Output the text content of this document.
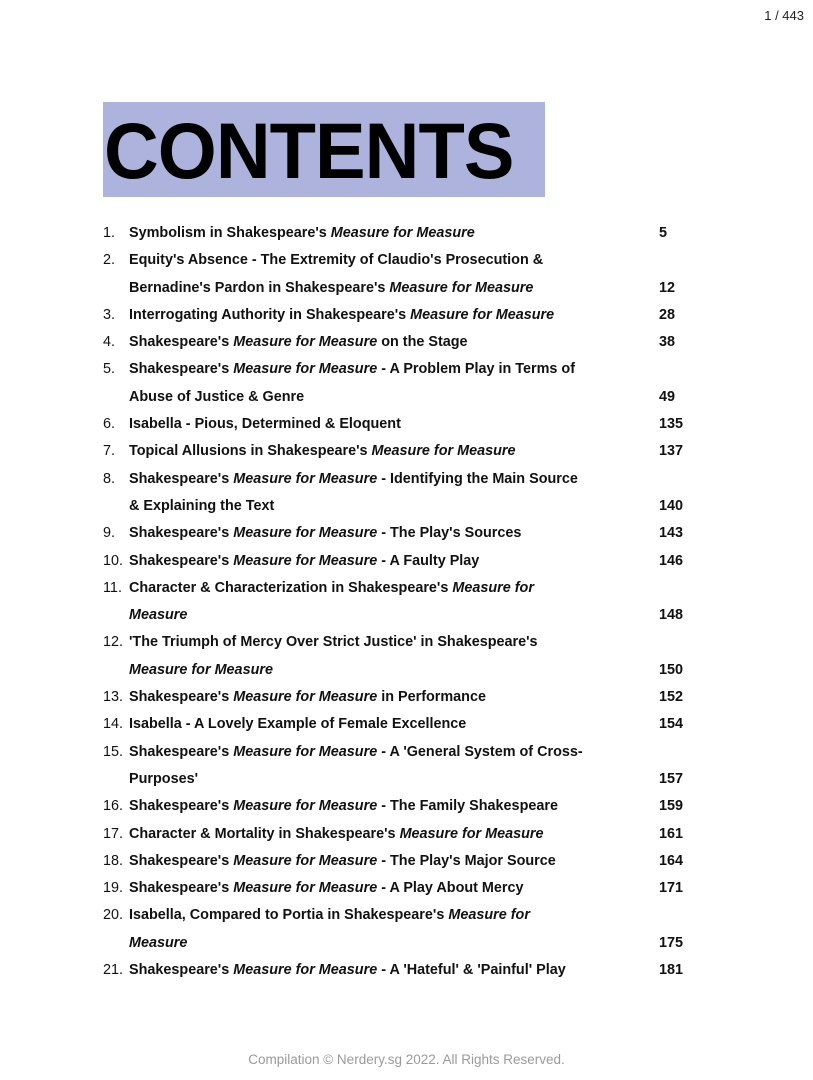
1 / 443
CONTENTS
1. Symbolism in Shakespeare's Measure for Measure	5
2. Equity's Absence - The Extremity of Claudio's Prosecution &
Bernadine's Pardon in Shakespeare's Measure for Measure	12
3. Interrogating Authority in Shakespeare's Measure for Measure	28
4. Shakespeare's Measure for Measure on the Stage	38
5. Shakespeare's Measure for Measure - A Problem Play in Terms of
Abuse of Justice & Genre	49
6. Isabella - Pious, Determined & Eloquent	135
7. Topical Allusions in Shakespeare's Measure for Measure	137
8. Shakespeare's Measure for Measure - Identifying the Main Source
& Explaining the Text	140
9. Shakespeare's Measure for Measure - The Play's Sources	143
10. Shakespeare's Measure for Measure - A Faulty Play	146
11. Character & Characterization in Shakespeare's Measure for
Measure	148
12. 'The Triumph of Mercy Over Strict Justice' in Shakespeare's
Measure for Measure	150
13. Shakespeare's Measure for Measure in Performance	152
14. Isabella - A Lovely Example of Female Excellence	154
15. Shakespeare's Measure for Measure - A 'General System of Cross-
Purposes'	157
16. Shakespeare's Measure for Measure - The Family Shakespeare	159
17. Character & Mortality in Shakespeare's Measure for Measure	161
18. Shakespeare's Measure for Measure - The Play's Major Source	164
19. Shakespeare's Measure for Measure - A Play About Mercy	171
20. Isabella, Compared to Portia in Shakespeare's Measure for
Measure	175
21. Shakespeare's Measure for Measure - A 'Hateful' & 'Painful' Play	181
Compilation © Nerdery.sg 2022. All Rights Reserved.
